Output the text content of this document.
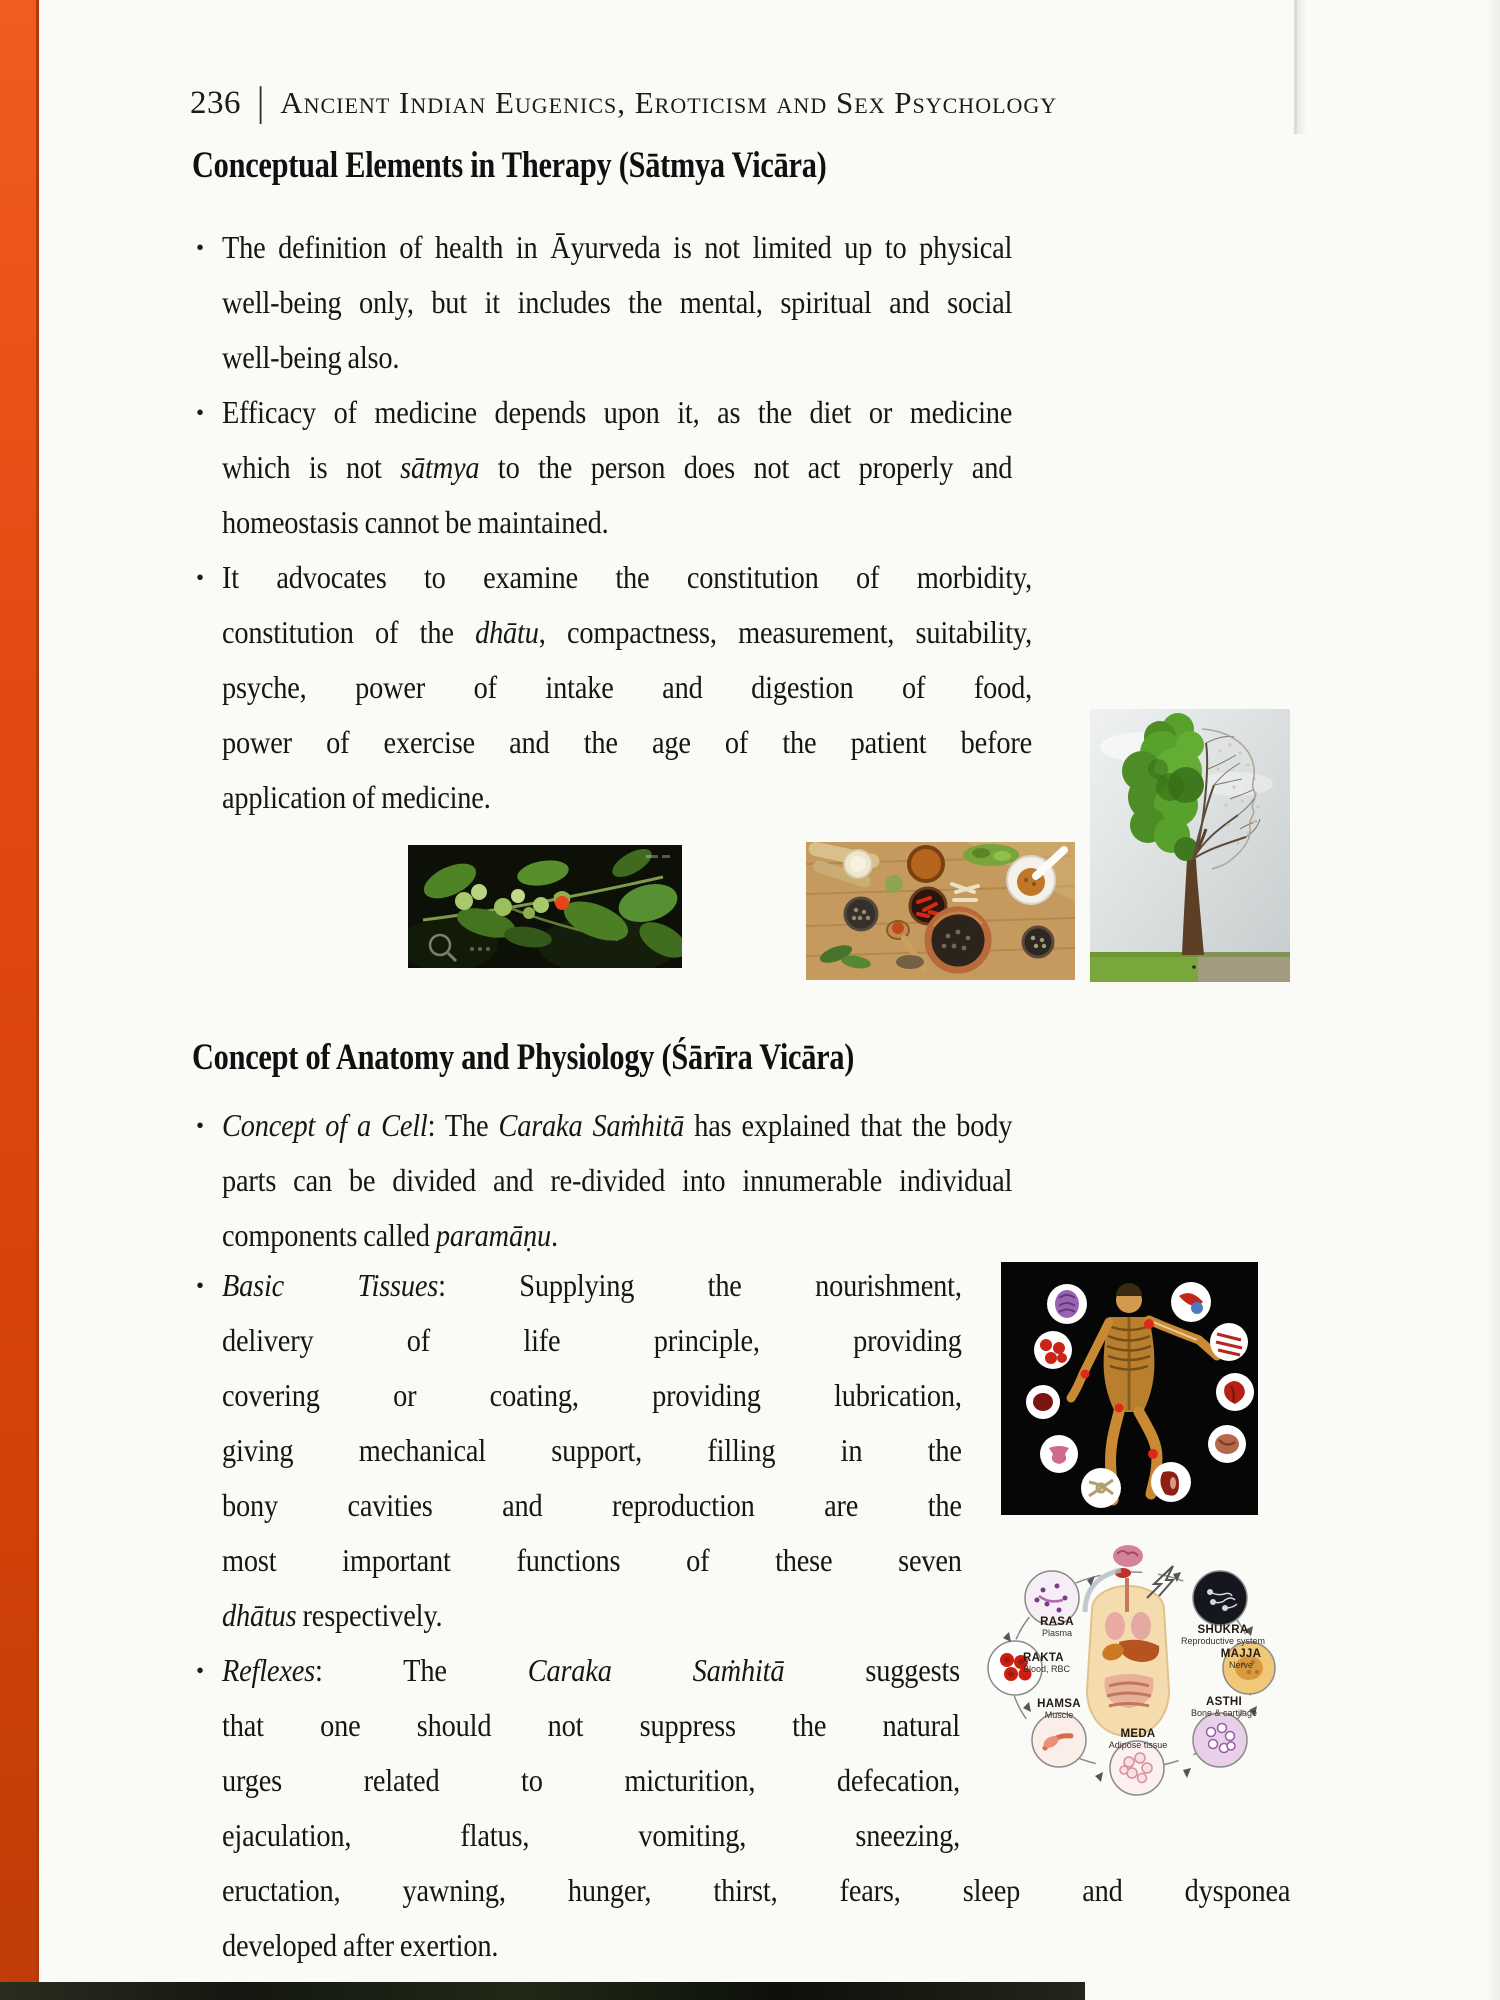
236 | Ancient Indian Eugenics, Eroticism and Sex Psychology
Conceptual Elements in Therapy (Sātmya Vicāra)
• The definition of health in Āyurveda is not limited up to physical
well-being only, but it includes the mental, spiritual and social
well-being also.
• Efficacy of medicine depends upon it, as the diet or medicine
which is not sātmya to the person does not act properly and
homeostasis cannot be maintained.
• It advocates to examine the constitution of morbidity,
constitution of the dhātu, compactness, measurement, suitability,
psyche, power of intake and digestion of food,
power of exercise and the age of the patient before
application of medicine.
Concept of Anatomy and Physiology (Śārīra Vicāra)
• Concept of a Cell: The Caraka Saṁhitā has explained that the body
parts can be divided and re-divided into innumerable individual
components called paramāṇu.
• Basic Tissues: Supplying the nourishment,
delivery of life principle, providing
covering or coating, providing lubrication,
giving mechanical support, filling in the
bony cavities and reproduction are the
most important functions of these seven
dhātus respectively.
• Reflexes: The Caraka Saṁhitā suggests
that one should not suppress the natural
urges related to micturition, defecation,
ejaculation, flatus, vomiting, sneezing,
eructation, yawning, hunger, thirst, fears, sleep and dysponea
developed after exertion.
RASA
Plasma
RAKTA
Blood, RBC
HAMSA
Muscle
MEDA
Adipose tissue
ASTHI
Bone & cartilage
MAJJA
Nerve
SHUKRA
Reproductive system
